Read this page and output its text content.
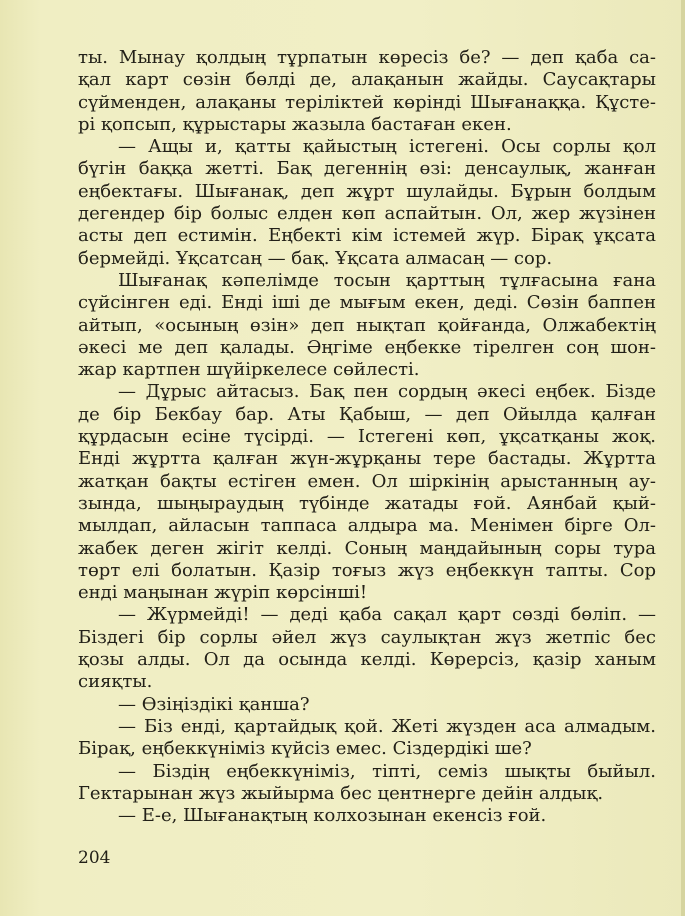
ты. Мынау қолдың тұрпатын көресіз бе? — деп қаба са-
қал карт сөзін бөлді де, алақанын жайды. Саусақтары
сүйменден, алақаны теріліктей көрінді Шығанаққа. Құсте-
рі қопсып, құрыстары жазыла бастаған екен.
— Ащы и, қатты қайыстың істегені. Осы сорлы қол
бүгін баққа жетті. Бақ дегеннің өзі: денсаулық, жанған
еңбектағы. Шығанақ, деп жұрт шулайды. Бұрын болдым
дегендер бір болыс елден көп аспайтын. Ол, жер жүзінен
асты деп естимін. Еңбекті кім істемей жүр. Бірақ ұқсата
бермейді. Ұқсатсаң — бақ. Ұқсата алмасаң — сор.
Шығанақ кәпелімде тосын қарттың тұлғасына ғана
сүйсінген еді. Енді іші де мығым екен, деді. Сөзін баппен
айтып, «осының өзін» деп нықтап қойғанда, Олжабектің
әкесі ме деп қалады. Әңгіме еңбекке тірелген соң шон-
жар картпен шүйіркелесе сөйлесті.
— Дұрыс айтасыз. Бақ пен сордың әкесі еңбек. Бізде
де бір Бекбау бар. Аты Қабыш, — деп Ойылда қалған
құрдасын есіне түсірді. — Істегені көп, ұқсатқаны жоқ.
Енді жұртта қалған жүн-жұрқаны тере бастады. Жұртта
жатқан бақты естіген емен. Ол шіркінің арыстанның ау-
зында, шыңыраудың түбінде жатады ғой. Аянбай қый-
мылдап, айласын таппаса алдыра ма. Менімен бірге Ол-
жабек деген жігіт келді. Соның маңдайының соры тура
төрт елі болатын. Қазір тоғыз жүз еңбеккүн тапты. Сор
енді маңынан жүріп көрсінші!
— Жүрмейді! — деді қаба сақал қарт сөзді бөліп. —
Біздегі бір сорлы әйел жүз саулықтан жүз жетпіс бес
қозы алды. Ол да осында келді. Көрерсіз, қазір ханым
сияқты.
— Өзіңіздікі қанша?
— Біз енді, қартайдық қой. Жеті жүзден аса алмадым.
Бірақ, еңбеккүніміз күйсіз емес. Сіздердікі ше?
— Біздің еңбеккүніміз, тіпті, семіз шықты быйыл.
Гектарынан жүз жыйырма бес центнерге дейін алдық.
— Е-е, Шығанақтың колхозынан екенсіз ғой.
204
